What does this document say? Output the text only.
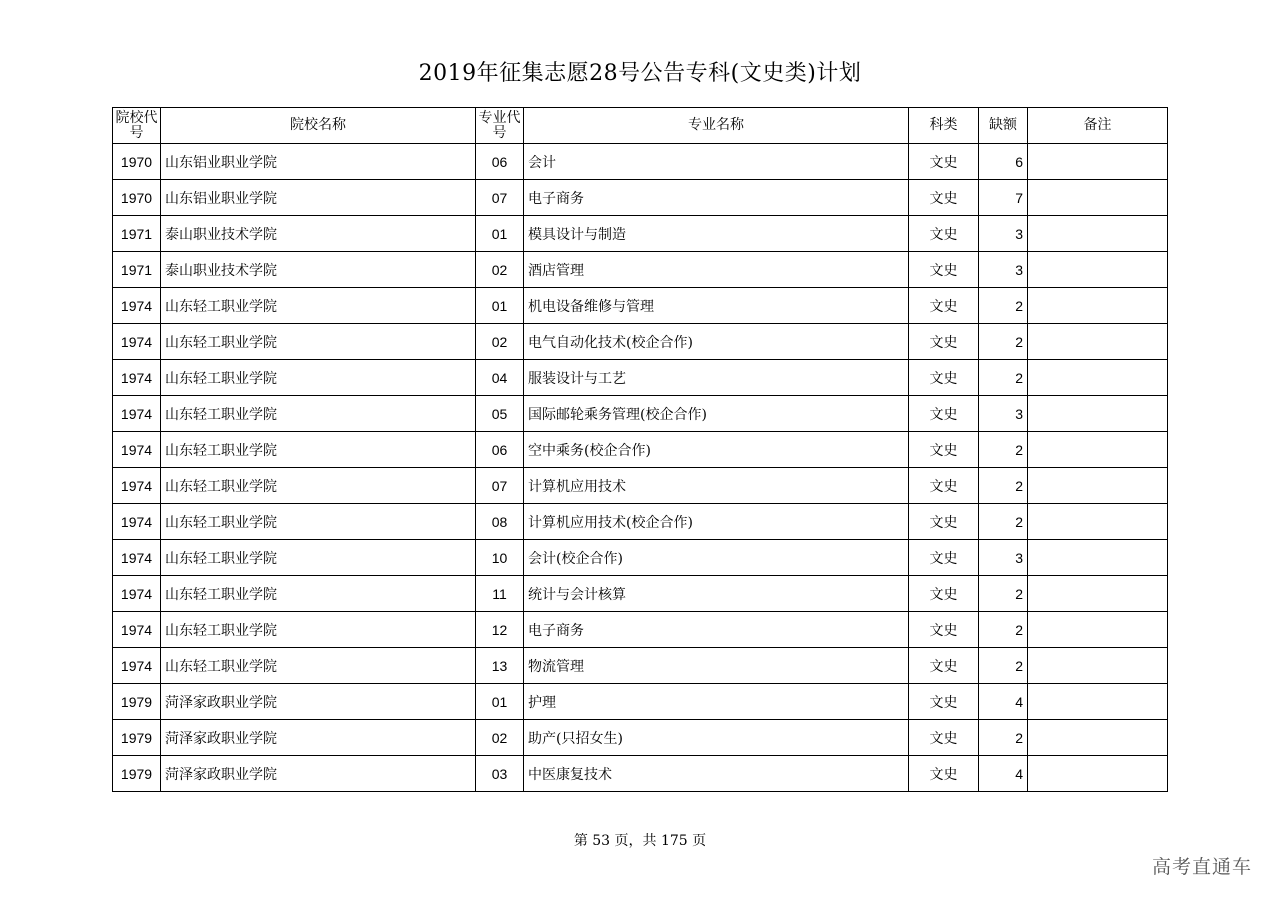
2019年征集志愿28号公告专科(文史类)计划
院校代号	院校名称	专业代号	专业名称	科类	缺额	备注
1970	山东铝业职业学院	06	会计	文史	6	
1970	山东铝业职业学院	07	电子商务	文史	7	
1971	泰山职业技术学院	01	模具设计与制造	文史	3	
1971	泰山职业技术学院	02	酒店管理	文史	3	
1974	山东轻工职业学院	01	机电设备维修与管理	文史	2	
1974	山东轻工职业学院	02	电气自动化技术(校企合作)	文史	2	
1974	山东轻工职业学院	04	服装设计与工艺	文史	2	
1974	山东轻工职业学院	05	国际邮轮乘务管理(校企合作)	文史	3	
1974	山东轻工职业学院	06	空中乘务(校企合作)	文史	2	
1974	山东轻工职业学院	07	计算机应用技术	文史	2	
1974	山东轻工职业学院	08	计算机应用技术(校企合作)	文史	2	
1974	山东轻工职业学院	10	会计(校企合作)	文史	3	
1974	山东轻工职业学院	11	统计与会计核算	文史	2	
1974	山东轻工职业学院	12	电子商务	文史	2	
1974	山东轻工职业学院	13	物流管理	文史	2	
1979	菏泽家政职业学院	01	护理	文史	4	
1979	菏泽家政职业学院	02	助产(只招女生)	文史	2	
1979	菏泽家政职业学院	03	中医康复技术	文史	4	
第 53 页，共 175 页
高考直通车
